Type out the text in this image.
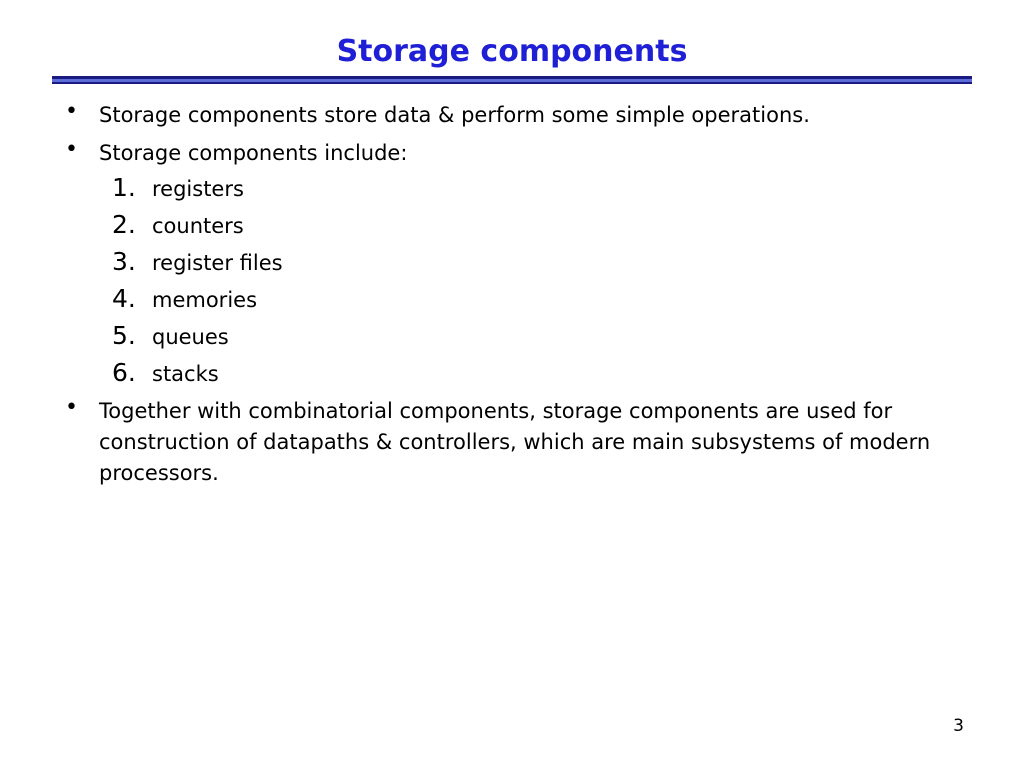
Storage components
• Storage components store data & perform some simple operations.
• Storage components include:
1. registers
2. counters
3. register files
4. memories
5. queues
6. stacks
• Together with combinatorial components, storage components are used for construction of datapaths & controllers, which are main subsystems of modern processors.
3
